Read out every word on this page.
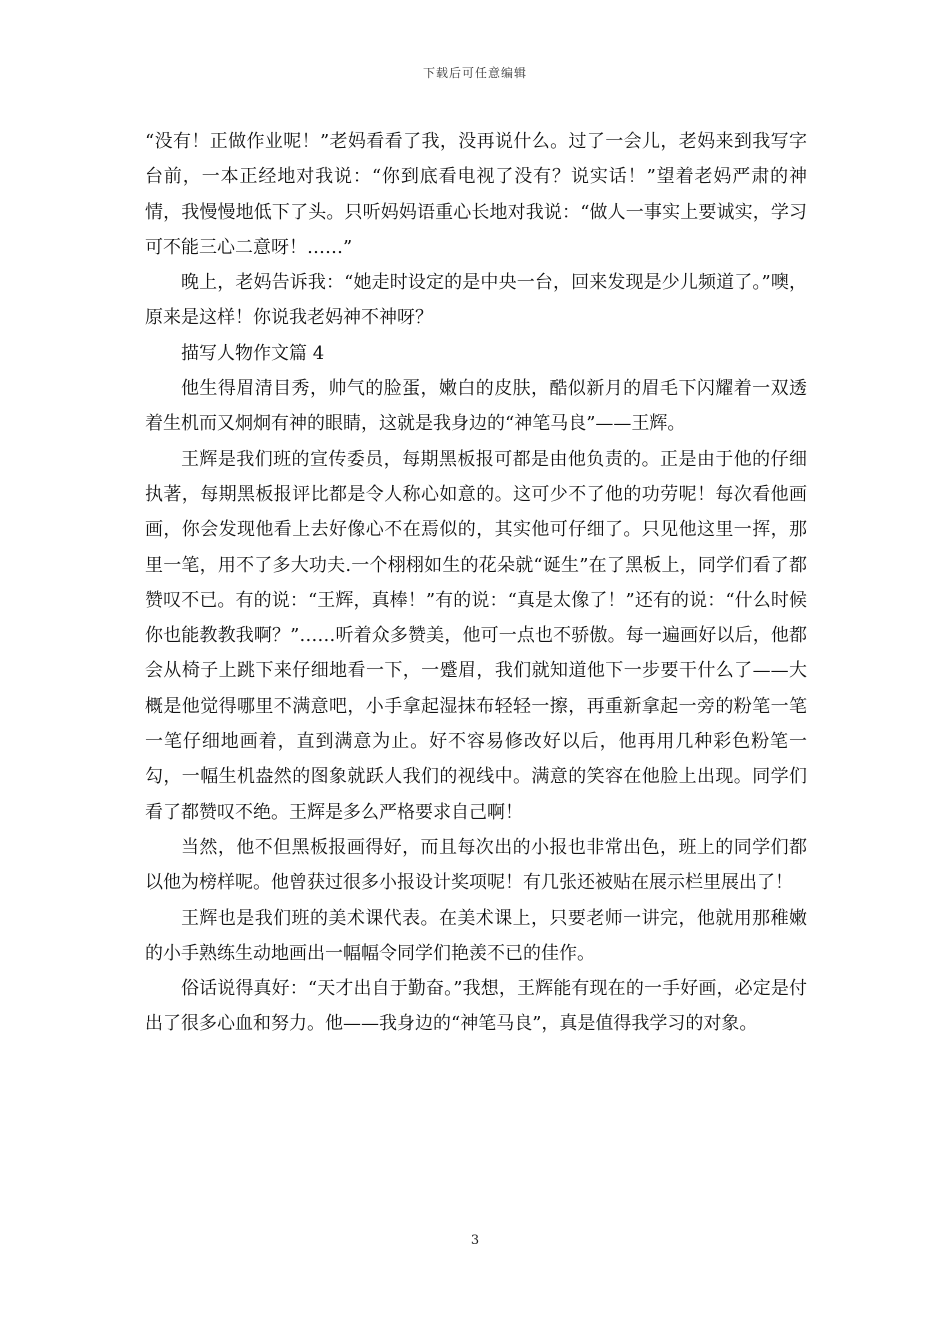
下载后可任意编辑

“没有！正做作业呢！”老妈看看了我，没再说什么。过了一会儿，老妈来到我写字台前，一本正经地对我说：“你到底看电视了没有？说实话！”望着老妈严肃的神情，我慢慢地低下了头。只听妈妈语重心长地对我说：“做人一事实上要诚实，学习可不能三心二意呀！……”

晚上，老妈告诉我：“她走时设定的是中央一台，回来发现是少儿频道了。”噢，原来是这样！你说我老妈神不神呀？

描写人物作文篇 4

他生得眉清目秀，帅气的脸蛋，嫩白的皮肤，酷似新月的眉毛下闪耀着一双透着生机而又炯炯有神的眼睛，这就是我身边的“神笔马良”——王辉。

王辉是我们班的宣传委员，每期黑板报可都是由他负责的。正是由于他的仔细执著，每期黑板报评比都是令人称心如意的。这可少不了他的功劳呢！每次看他画画，你会发现他看上去好像心不在焉似的，其实他可仔细了。只见他这里一挥，那里一笔，用不了多大功夫.一个栩栩如生的花朵就“诞生”在了黑板上，同学们看了都赞叹不已。有的说：“王辉，真棒！”有的说：“真是太像了！”还有的说：“什么时候你也能教教我啊？”……听着众多赞美，他可一点也不骄傲。每一遍画好以后，他都会从椅子上跳下来仔细地看一下，一蹙眉，我们就知道他下一步要干什么了——大概是他觉得哪里不满意吧，小手拿起湿抹布轻轻一擦，再重新拿起一旁的粉笔一笔一笔仔细地画着，直到满意为止。好不容易修改好以后，他再用几种彩色粉笔一勾，一幅生机盎然的图象就跃人我们的视线中。满意的笑容在他脸上出现。同学们看了都赞叹不绝。王辉是多么严格要求自己啊！

当然，他不但黑板报画得好，而且每次出的小报也非常出色，班上的同学们都以他为榜样呢。他曾获过很多小报设计奖项呢！有几张还被贴在展示栏里展出了！

王辉也是我们班的美术课代表。在美术课上，只要老师一讲完，他就用那稚嫩的小手熟练生动地画出一幅幅令同学们艳羡不已的佳作。

俗话说得真好：“天才出自于勤奋。”我想，王辉能有现在的一手好画，必定是付出了很多心血和努力。他——我身边的“神笔马良”，真是值得我学习的对象。

3
